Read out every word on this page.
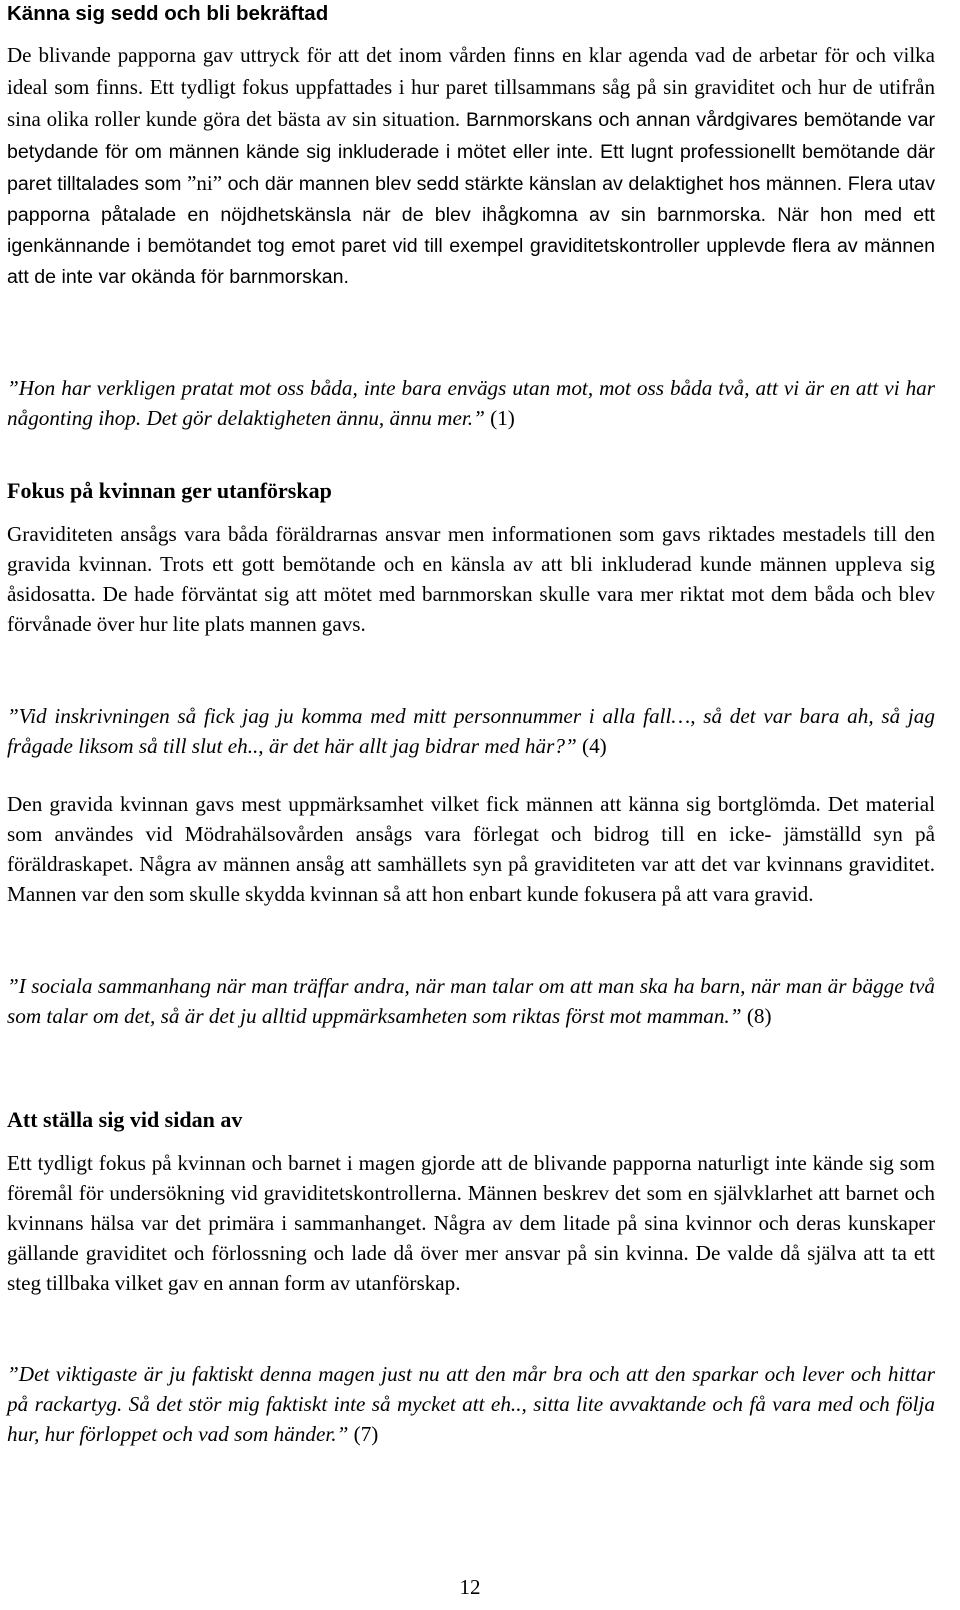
Känna sig sedd och bli bekräftad

De blivande papporna gav uttryck för att det inom vården finns en klar agenda vad de arbetar för och vilka ideal som finns. Ett tydligt fokus uppfattades i hur paret tillsammans såg på sin graviditet och hur de utifrån sina olika roller kunde göra det bästa av sin situation. Barnmorskans och annan vårdgivares bemötande var betydande för om männen kände sig inkluderade i mötet eller inte. Ett lugnt professionellt bemötande där paret tilltalades som ”ni” och där mannen blev sedd stärkte känslan av delaktighet hos männen. Flera utav papporna påtalade en nöjdhetskänsla när de blev ihågkomna av sin barnmorska. När hon med ett igenkännande i bemötandet tog emot paret vid till exempel graviditetskontroller upplevde flera av männen att de inte var okända för barnmorskan.

”Hon har verkligen pratat mot oss båda, inte bara envägs utan mot, mot oss båda två, att vi är en att vi har någonting ihop. Det gör delaktigheten ännu, ännu mer.” (1)

Fokus på kvinnan ger utanförskap

Graviditeten ansågs vara båda föräldrarnas ansvar men informationen som gavs riktades mestadels till den gravida kvinnan. Trots ett gott bemötande och en känsla av att bli inkluderad kunde männen uppleva sig åsidosatta. De hade förväntat sig att mötet med barnmorskan skulle vara mer riktat mot dem båda och blev förvånade över hur lite plats mannen gavs.

”Vid inskrivningen så fick jag ju komma med mitt personnummer i alla fall…, så det var bara ah, så jag frågade liksom så till slut eh.., är det här allt jag bidrar med här?” (4)

Den gravida kvinnan gavs mest uppmärksamhet vilket fick männen att känna sig bortglömda. Det material som användes vid Mödrahälsovården ansågs vara förlegat och bidrog till en icke- jämställd syn på föräldraskapet. Några av männen ansåg att samhällets syn på graviditeten var att det var kvinnans graviditet. Mannen var den som skulle skydda kvinnan så att hon enbart kunde fokusera på att vara gravid.

”I sociala sammanhang när man träffar andra, när man talar om att man ska ha barn, när man är bägge två som talar om det, så är det ju alltid uppmärksamheten som riktas först mot mamman.” (8)

Att ställa sig vid sidan av

Ett tydligt fokus på kvinnan och barnet i magen gjorde att de blivande papporna naturligt inte kände sig som föremål för undersökning vid graviditetskontrollerna. Männen beskrev det som en självklarhet att barnet och kvinnans hälsa var det primära i sammanhanget. Några av dem litade på sina kvinnor och deras kunskaper gällande graviditet och förlossning och lade då över mer ansvar på sin kvinna. De valde då själva att ta ett steg tillbaka vilket gav en annan form av utanförskap.

”Det viktigaste är ju faktiskt denna magen just nu att den mår bra och att den sparkar och lever och hittar på rackartyg. Så det stör mig faktiskt inte så mycket att eh.., sitta lite avvaktande och få vara med och följa hur, hur förloppet och vad som händer.” (7)

12
